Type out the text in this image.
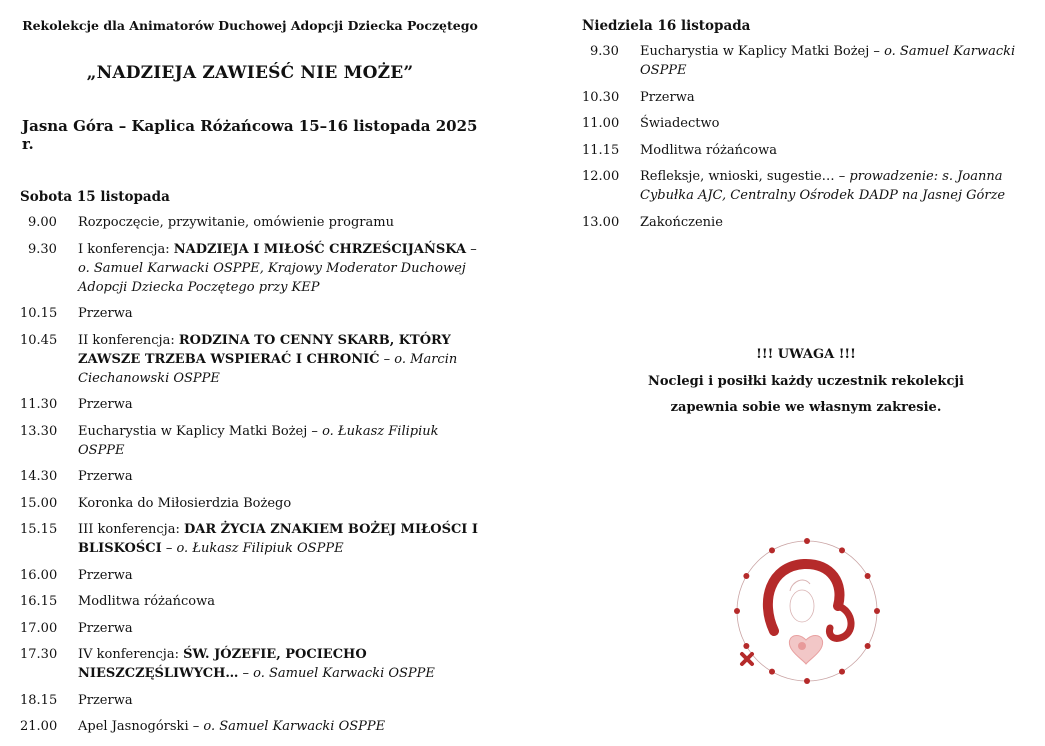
Rekolekcje dla Animatorów Duchowej Adopcji Dziecka Poczętego

„NADZIEJA ZAWIEŚĆ NIE MOŻE”

Jasna Góra – Kaplica Różańcowa 15–16 listopada 2025 r.

Sobota 15 listopada
9.00	Rozpoczęcie, przywitanie, omówienie programu
9.30	I konferencja: NADZIEJA I MIŁOŚĆ CHRZEŚCIJAŃSKA – o. Samuel Karwacki OSPPE, Krajowy Moderator Duchowej Adopcji Dziecka Poczętego przy KEP
10.15	Przerwa
10.45	II konferencja: RODZINA TO CENNY SKARB, KTÓRY ZAWSZE TRZEBA WSPIERAĆ I CHRONIĆ – o. Marcin Ciechanowski OSPPE
11.30	Przerwa
13.30	Eucharystia w Kaplicy Matki Bożej – o. Łukasz Filipiuk OSPPE
14.30	Przerwa
15.00	Koronka do Miłosierdzia Bożego
15.15	III konferencja: DAR ŻYCIA ZNAKIEM BOŻEJ MIŁOŚCI I BLISKOŚCI – o. Łukasz Filipiuk OSPPE
16.00	Przerwa
16.15	Modlitwa różańcowa
17.00	Przerwa
17.30	IV konferencja: ŚW. JÓZEFIE, POCIECHO NIESZCZĘŚLIWYCH… – o. Samuel Karwacki OSPPE
18.15	Przerwa
21.00	Apel Jasnogórski – o. Samuel Karwacki OSPPE
Niedziela 16 listopada
9.30	Eucharystia w Kaplicy Matki Bożej – o. Samuel Karwacki OSPPE
10.30	Przerwa
11.00	Świadectwo
11.15	Modlitwa różańcowa
12.00	Refleksje, wnioski, sugestie… – prowadzenie: s. Joanna Cybułka AJC, Centralny Ośrodek DADP na Jasnej Górze
13.00	Zakończenie
!!! UWAGA !!!
Noclegi i posiłki każdy uczestnik rekolekcji
zapewnia sobie we własnym zakresie.
